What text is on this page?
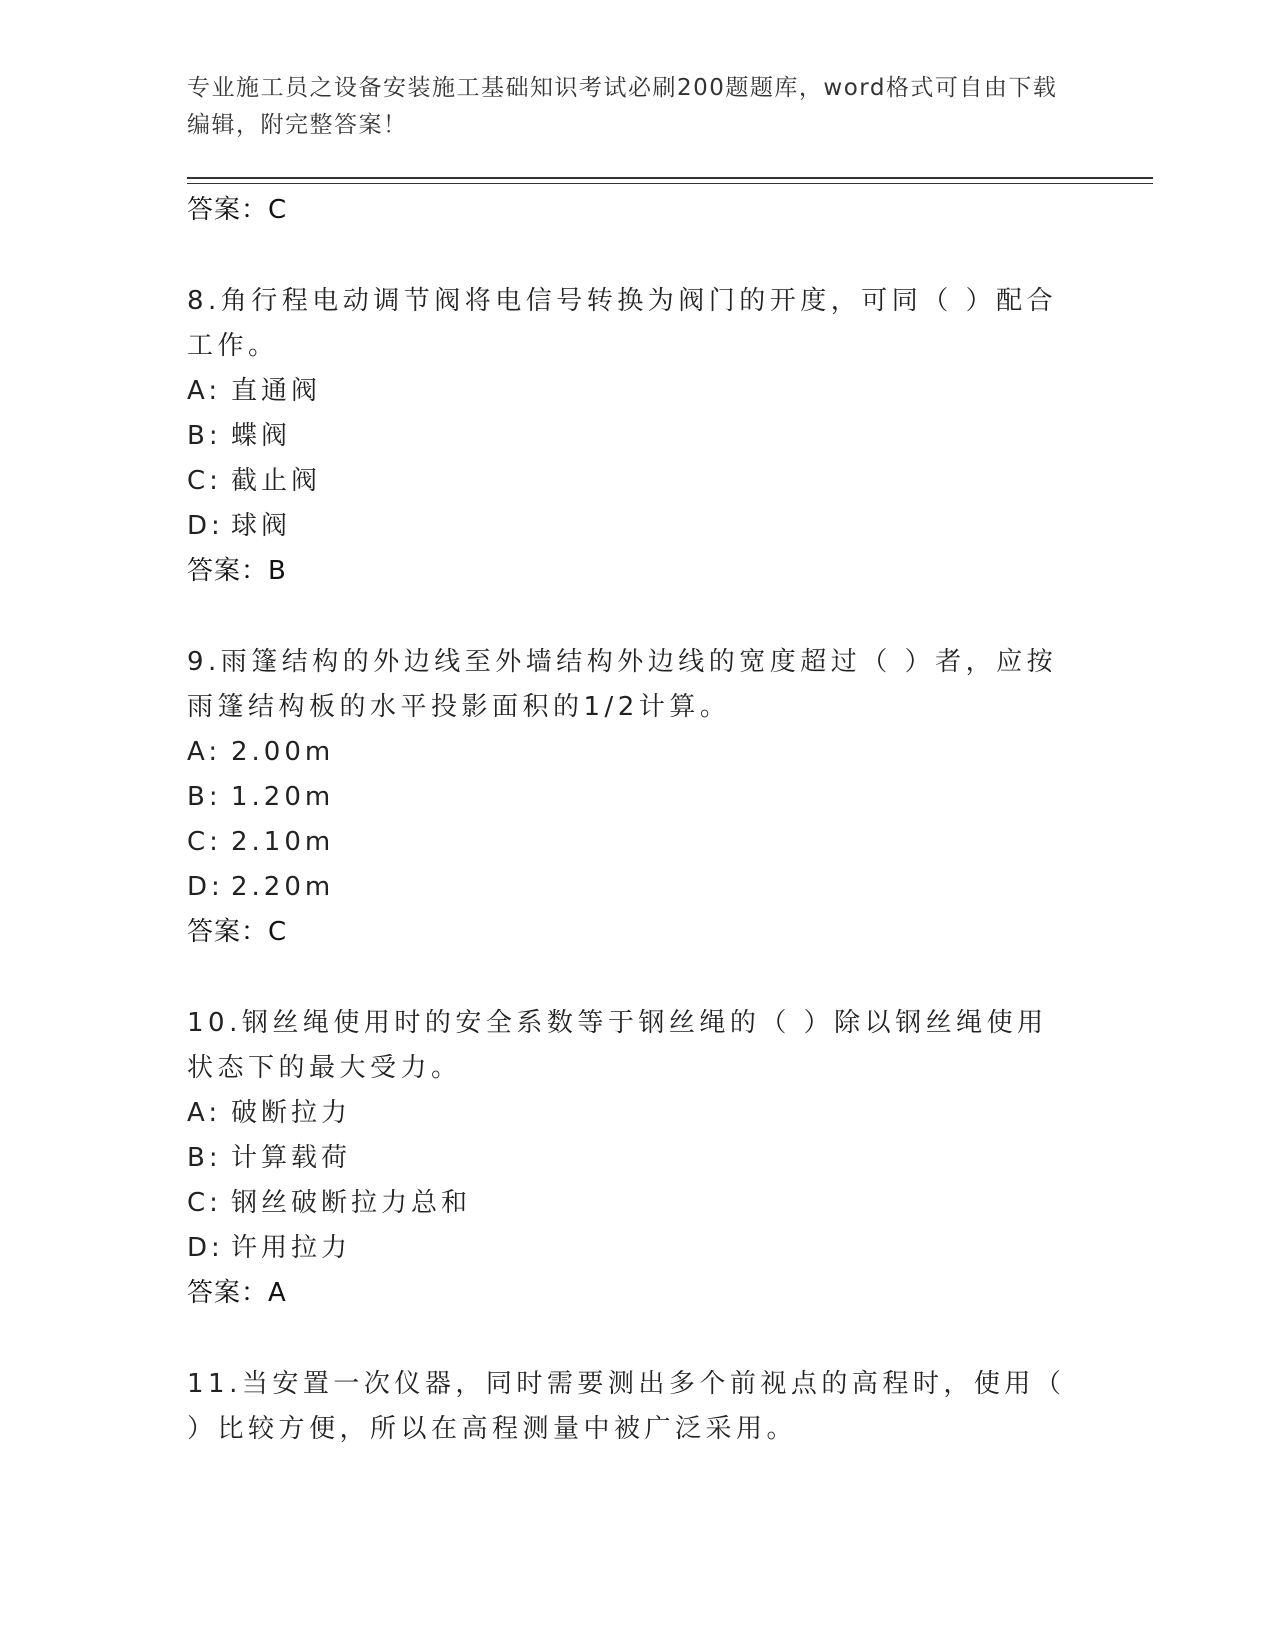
专业施工员之设备安装施工基础知识考试必刷200题题库，word格式可自由下载编辑，附完整答案！
答案：C
8.角行程电动调节阀将电信号转换为阀门的开度，可同（ ）配合工作。
A: 直通阀
B: 蝶阀
C: 截止阀
D: 球阀
答案：B
9.雨篷结构的外边线至外墙结构外边线的宽度超过（ ）者，应按雨篷结构板的水平投影面积的1/2计算。
A: 2.00m
B: 1.20m
C: 2.10m
D: 2.20m
答案：C
10.钢丝绳使用时的安全系数等于钢丝绳的（ ）除以钢丝绳使用状态下的最大受力。
A: 破断拉力
B: 计算载荷
C: 钢丝破断拉力总和
D: 许用拉力
答案：A
11.当安置一次仪器，同时需要测出多个前视点的高程时，使用（ ）比较方便，所以在高程测量中被广泛采用。
